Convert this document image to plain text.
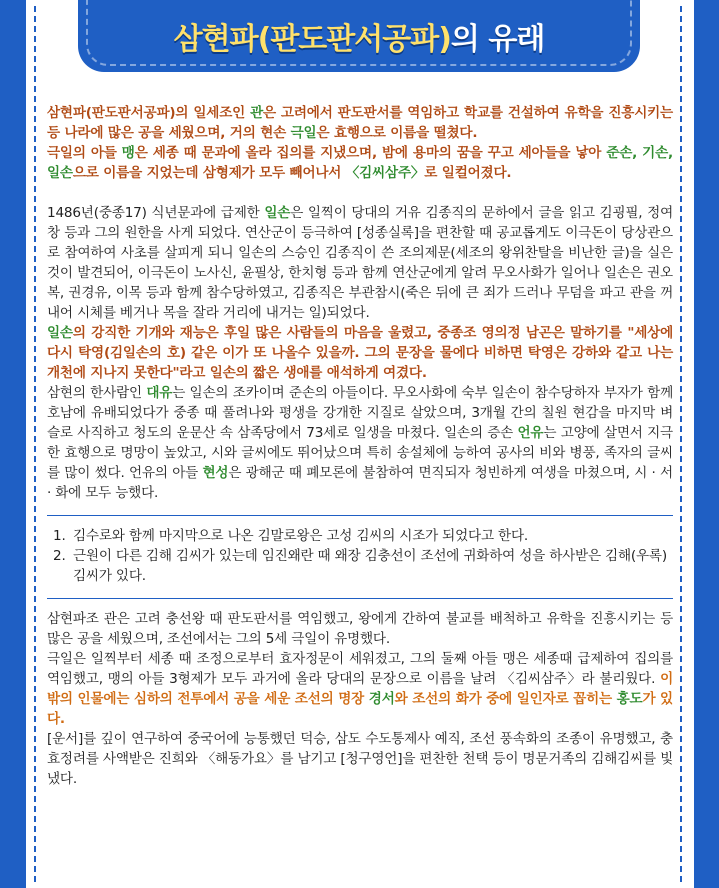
삼현파(판도판서공파)의 유래

삼현파(판도판서공파)의 일세조인 관은 고려에서 판도판서를 역임하고 학교를 건설하여 유학을 진흥시키는 등 나라에 많은 공을 세웠으며, 거의 현손 극일은 효행으로 이름을 떨쳤다.

극일의 아들 맹은 세종 때 문과에 올라 집의를 지냈으며, 밤에 용마의 꿈을 꾸고 세아들을 낳아 준손, 기손, 일손으로 이름을 지었는데 삼형제가 모두 빼어나서 〈김씨삼주〉로 일컬어졌다.

1486년(중종17) 식년문과에 급제한 일손은 일찍이 당대의 거유 김종직의 문하에서 글을 읽고 김굉필, 정여창 등과 그의 원한을 사게 되었다. 연산군이 등극하여 [성종실록]을 편찬할 때 공교롭게도 이극돈이 당상관으로 참여하여 사초를 살피게 되니 일손의 스승인 김종직이 쓴 조의제문(세조의 왕위찬탈을 비난한 글)을 실은 것이 발견되어, 이극돈이 노사신, 윤필상, 한치형 등과 함께 연산군에게 알려 무오사화가 일어나 일손은 권오복, 권경유, 이목 등과 함께 참수당하였고, 김종직은 부관참시(죽은 뒤에 큰 죄가 드러나 무덤을 파고 관을 꺼내어 시체를 베거나 목을 잘라 거리에 내거는 일)되었다.

일손의 강직한 기개와 재능은 후일 많은 사람들의 마음을 울렸고, 중종조 영의정 남곤은 말하기를 "세상에 다시 탁영(김일손의 호) 같은 이가 또 나올수 있을까. 그의 문장을 물에다 비하면 탁영은 강하와 같고 나는 개천에 지나지 못한다"라고 일손의 짧은 생애를 애석하게 여겼다.

삼현의 한사람인 대유는 일손의 조카이며 준손의 아들이다. 무오사화에 숙부 일손이 참수당하자 부자가 함께 호남에 유배되었다가 중종 때 풀려나와 평생을 강개한 지질로 살았으며, 3개월 간의 칠원 현감을 마지막 벼슬로 사직하고 청도의 운문산 속 삼족당에서 73세로 일생을 마쳤다. 일손의 증손 언유는 고양에 살면서 지극한 효행으로 명망이 높았고, 시와 글씨에도 뛰어났으며 특히 송설체에 능하여 공사의 비와 병풍, 족자의 글씨를 많이 썼다. 언유의 아들 현성은 광해군 때 폐모론에 불참하여 면직되자 청빈하게 여생을 마쳤으며, 시 · 서 · 화에 모두 능했다.

1. 김수로와 함께 마지막으로 나온 김말로왕은 고성 김씨의 시조가 되었다고 한다.
2. 근원이 다른 김해 김씨가 있는데 임진왜란 때 왜장 김충선이 조선에 귀화하여 성을 하사받은 김해(우록) 김씨가 있다.

삼현파조 관은 고려 충선왕 때 판도판서를 역임했고, 왕에게 간하여 불교를 배척하고 유학을 진흥시키는 등 많은 공을 세웠으며, 조선에서는 그의 5세 극일이 유명했다.

극일은 일찍부터 세종 때 조정으로부터 효자정문이 세워졌고, 그의 둘째 아들 맹은 세종때 급제하여 집의를 역임했고, 맹의 아들 3형제가 모두 과거에 올라 당대의 문장으로 이름을 날려 〈김씨삼주〉라 불리웠다. 이밖의 인물에는 심하의 전투에서 공을 세운 조선의 명장 경서와 조선의 화가 중에 일인자로 꼽히는 홍도가 있다.

[운서]를 깊이 연구하여 중국어에 능통했던 덕승, 삼도 수도통제사 예직, 조선 풍속화의 조종이 유명했고, 충효정려를 사액받은 진희와 〈해동가요〉를 남기고 [청구영언]을 편찬한 천택 등이 명문거족의 김해김씨를 빛냈다.
